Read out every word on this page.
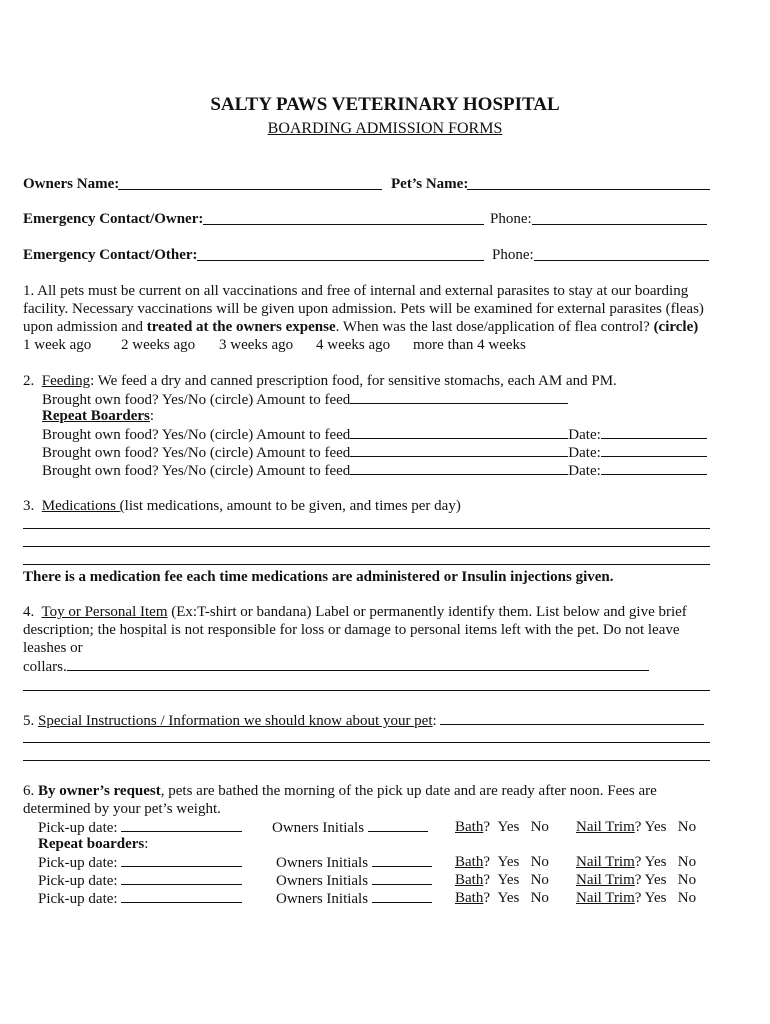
SALTY PAWS VETERINARY HOSPITAL
BOARDING ADMISSION FORMS
Owners Name:	Pet’s Name:
Emergency Contact/Owner:	Phone:
Emergency Contact/Other:	Phone:
1. All pets must be current on all vaccinations and free of internal and external parasites to stay at our boarding facility. Necessary vaccinations will be given upon admission. Pets will be examined for external parasites (fleas) upon admission and treated at the owners expense. When was the last dose/application of flea control? (circle)
1 week ago 2 weeks ago 3 weeks ago 4 weeks ago more than 4 weeks
2. Feeding: We feed a dry and canned prescription food, for sensitive stomachs, each AM and PM.
Brought own food? Yes/No (circle) Amount to feed
Repeat Boarders:
Brought own food? Yes/No (circle) Amount to feed	Date:
Brought own food? Yes/No (circle) Amount to feed	Date:
Brought own food? Yes/No (circle) Amount to feed	Date:
3. Medications (list medications, amount to be given, and times per day)
There is a medication fee each time medications are administered or Insulin injections given.
4. Toy or Personal Item (Ex:T-shirt or bandana) Label or permanently identify them. List below and give brief description; the hospital is not responsible for loss or damage to personal items left with the pet. Do not leave leashes or
collars.
5. Special Instructions / Information we should know about your pet:
6. By owner’s request, pets are bathed the morning of the pick up date and are ready after noon. Fees are determined by your pet’s weight.
Pick-up date:	Owners Initials	Bath? Yes No Nail Trim? Yes No
Repeat boarders:
Pick-up date:	Owners Initials	Bath? Yes No Nail Trim? Yes No
Pick-up date:	Owners Initials	Bath? Yes No Nail Trim? Yes No
Pick-up date:	Owners Initials	Bath? Yes No Nail Trim? Yes No
